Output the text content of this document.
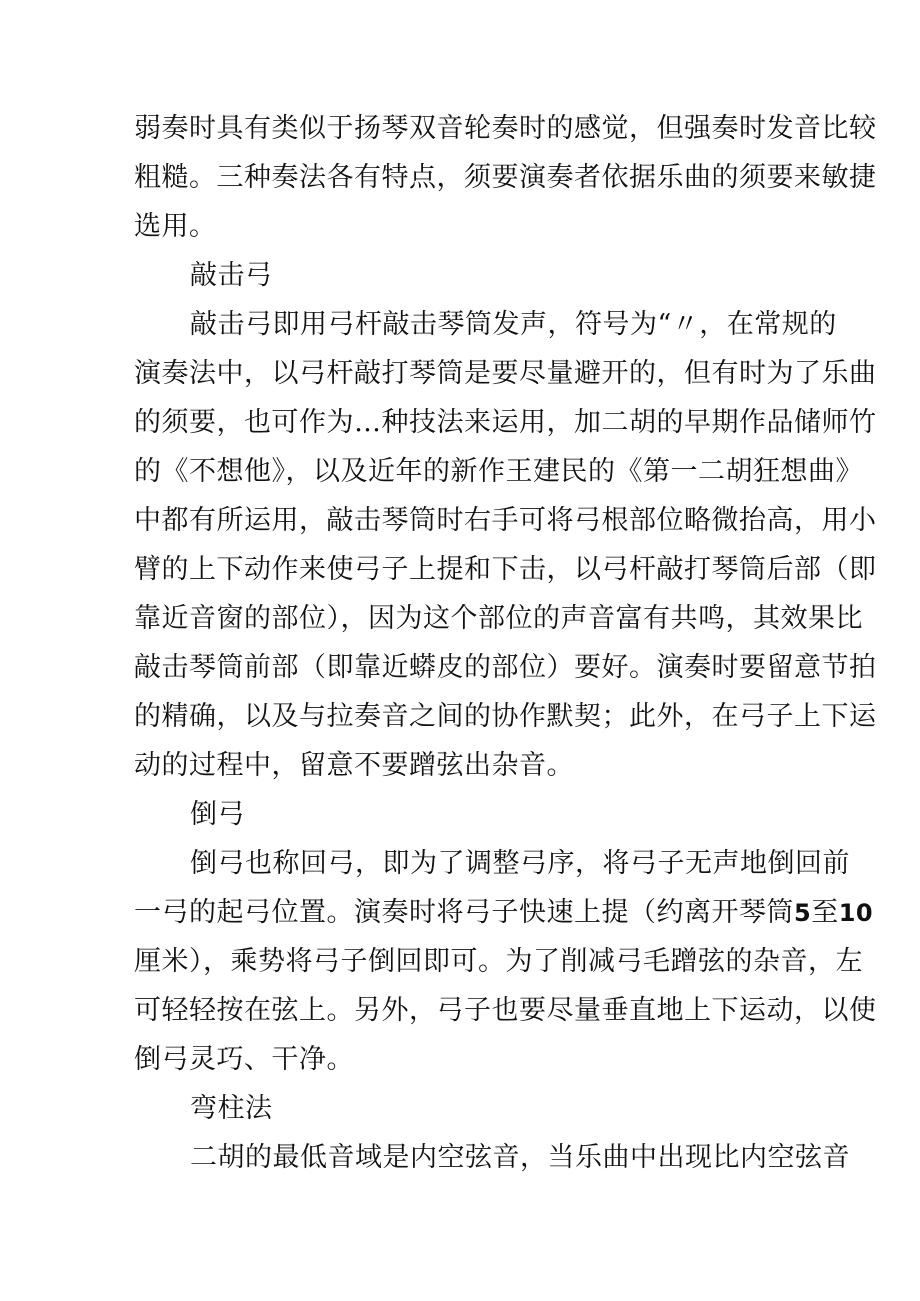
弱奏时具有类似于扬琴双音轮奏时的感觉，但强奏时发音比较
粗糙。三种奏法各有特点，须要演奏者依据乐曲的须要来敏捷
选用。
敲击弓
敲击弓即用弓杆敲击琴筒发声，符号为“〃，在常规的
演奏法中，以弓杆敲打琴筒是要尽量避开的，但有时为了乐曲
的须要，也可作为…种技法来运用，加二胡的早期作品储师竹
的《不想他》，以及近年的新作王建民的《第一二胡狂想曲》
中都有所运用，敲击琴筒时右手可将弓根部位略微抬高，用小
臂的上下动作来使弓子上提和下击，以弓杆敲打琴筒后部（即
靠近音窗的部位），因为这个部位的声音富有共鸣，其效果比
敲击琴筒前部（即靠近蟒皮的部位）要好。演奏时要留意节拍
的精确，以及与拉奏音之间的协作默契；此外，在弓子上下运
动的过程中，留意不要蹭弦出杂音。
倒弓
倒弓也称回弓，即为了调整弓序，将弓子无声地倒回前
一弓的起弓位置。演奏时将弓子快速上提（约离开琴筒5至10
厘米），乘势将弓子倒回即可。为了削减弓毛蹭弦的杂音，左
可轻轻按在弦上。另外，弓子也要尽量垂直地上下运动，以使
倒弓灵巧、干净。
弯柱法
二胡的最低音域是内空弦音，当乐曲中出现比内空弦音
